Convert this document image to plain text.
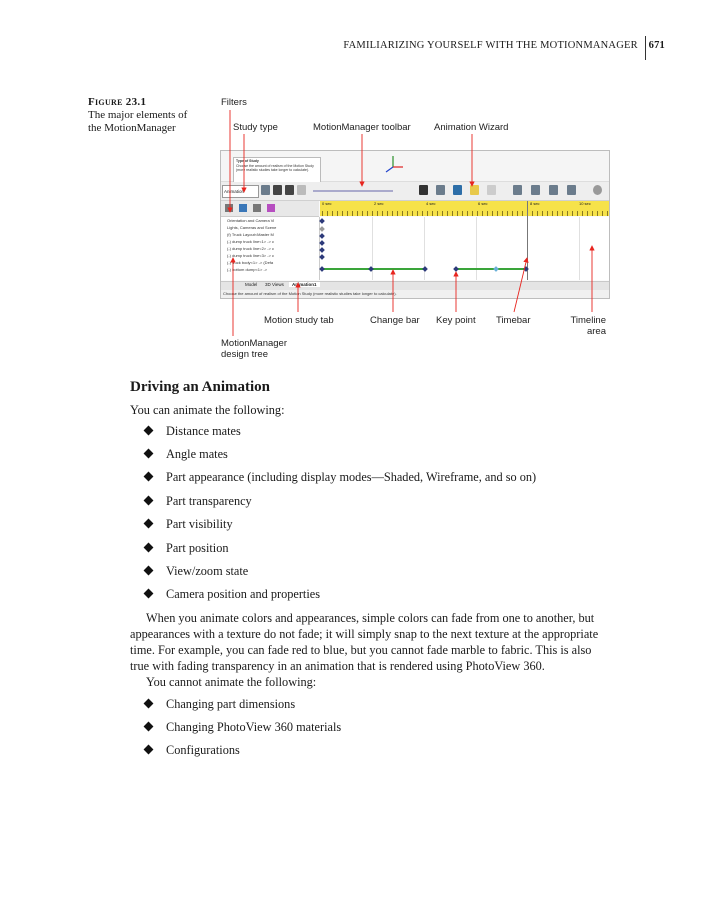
FAMILIARIZING YOURSELF WITH THE MOTIONMANAGER 671
Figure 23.1
The major elements of
the MotionManager
Filters
Study type	MotionManager toolbar Animation Wizard
Motion study tab	Change bar Key point Timebar	Timeline
area
MotionManager
design tree
Type of Study
Choose the amount of realism of the Motion Study (more realistic studies take longer to calculate).
Animation
Orientation and Camera Vi
Lights, Cameras and Scene
(f) Truck Layout<Master M
(-) dump truck line<1> -> c
(-) dump truck line<2> -> c
(-) dump truck line<3> -> c
(-) truck body<1> -> (Defa
(-) bottom dump<1> ->
0 sec	2 sec	4 sec	6 sec	8 sec	10 sec
Model 3D Views	Animation1
Choose the amount of realism of the Motion Study (more realistic studies take longer to calculate).
Driving an Animation
You can animate the following:
Distance mates
Angle mates
Part appearance (including display modes—Shaded, Wireframe, and so on)
Part transparency
Part visibility
Part position
View/zoom state
Camera position and properties
When you animate colors and appearances, simple colors can fade from one to another, but
appearances with a texture do not fade; it will simply snap to the next texture at the appropriate
time. For example, you can fade red to blue, but you cannot fade marble to fabric. This is also
true with fading transparency in an animation that is rendered using PhotoView 360.
You cannot animate the following:
Changing part dimensions
Changing PhotoView 360 materials
Configurations
